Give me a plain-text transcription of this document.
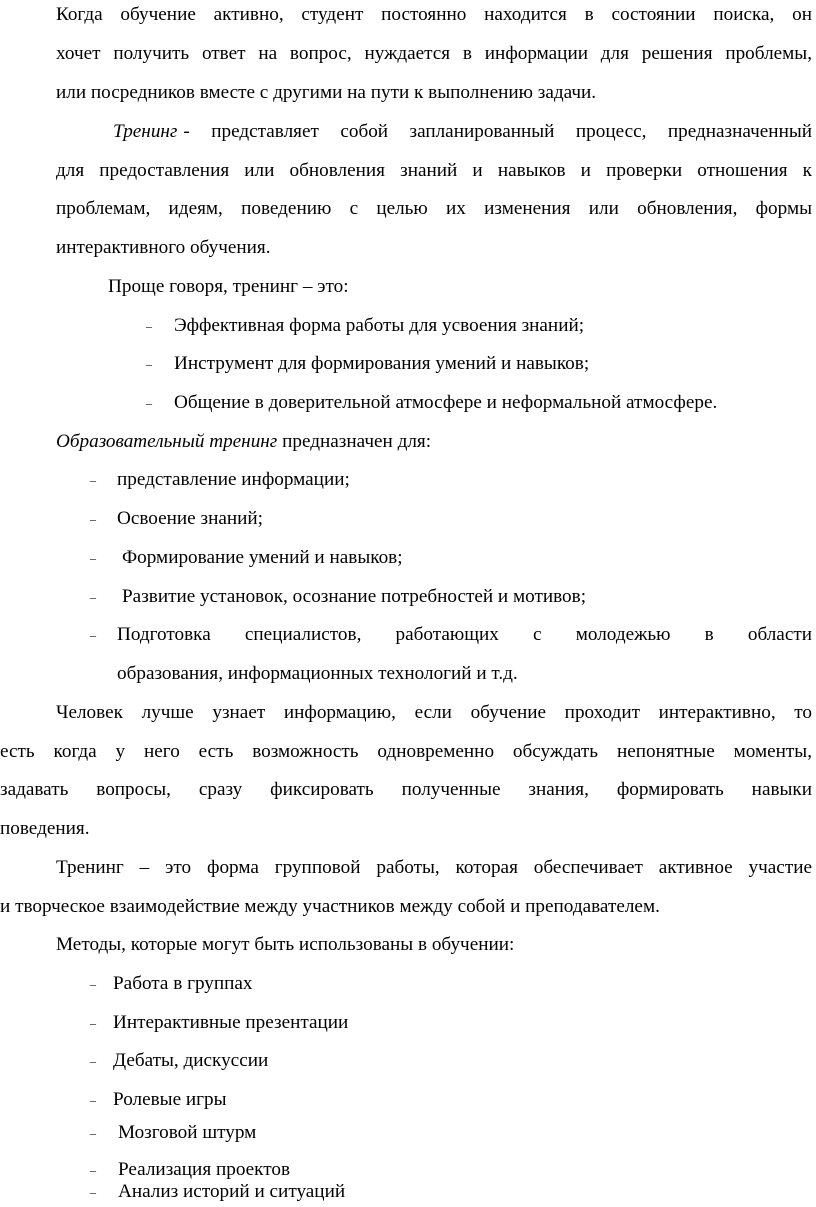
Когда обучение активно, студент постоянно находится в состоянии поиска, он
хочет получить ответ на вопрос, нуждается в информации для решения проблемы,
или посредников вместе с другими на пути к выполнению задачи.
Тренинг - представляет собой запланированный процесс, предназначенный
для предоставления или обновления знаний и навыков и проверки отношения к
проблемам, идеям, поведению с целью их изменения или обновления, формы
интерактивного обучения.
Проще говоря, тренинг – это:
– Эффективная форма работы для усвоения знаний;
– Инструмент для формирования умений и навыков;
– Общение в доверительной атмосфере и неформальной атмосфере.
Образовательный тренинг предназначен для:
– представление информации;
– Освоение знаний;
– Формирование умений и навыков;
– Развитие установок, осознание потребностей и мотивов;
– Подготовка специалистов, работающих с молодежью в области
образования, информационных технологий и т.д.
Человек лучше узнает информацию, если обучение проходит интерактивно, то
есть когда у него есть возможность одновременно обсуждать непонятные моменты,
задавать вопросы, сразу фиксировать полученные знания, формировать навыки
поведения.
Тренинг – это форма групповой работы, которая обеспечивает активное участие
и творческое взаимодействие между участников между собой и преподавателем.
Методы, которые могут быть использованы в обучении:
– Работа в группах
– Интерактивные презентации
– Дебаты, дискуссии
– Ролевые игры
– Мозговой штурм
– Реализация проектов
– Анализ историй и ситуаций
